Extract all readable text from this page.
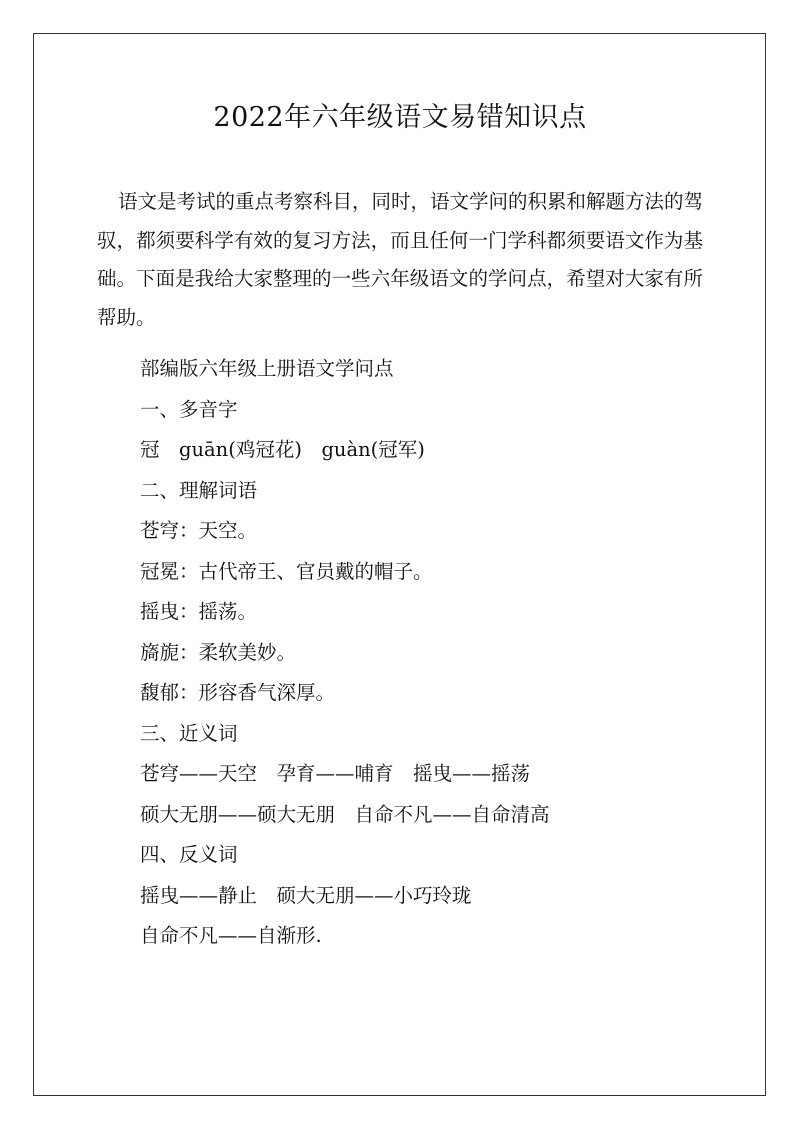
2022年六年级语文易错知识点

语文是考试的重点考察科目，同时，语文学问的积累和解题方法的驾驭，都须要科学有效的复习方法，而且任何一门学科都须要语文作为基础。下面是我给大家整理的一些六年级语文的学问点，希望对大家有所帮助。

部编版六年级上册语文学问点
一、多音字
冠　guān(鸡冠花)　guàn(冠军)
二、理解词语
苍穹：天空。
冠冕：古代帝王、官员戴的帽子。
摇曳：摇荡。
旖旎：柔软美妙。
馥郁：形容香气深厚。
三、近义词
苍穹——天空　孕育——哺育　摇曳——摇荡
硕大无朋——硕大无朋　自命不凡——自命清高
四、反义词
摇曳——静止　硕大无朋——小巧玲珑
自命不凡——自渐形.
